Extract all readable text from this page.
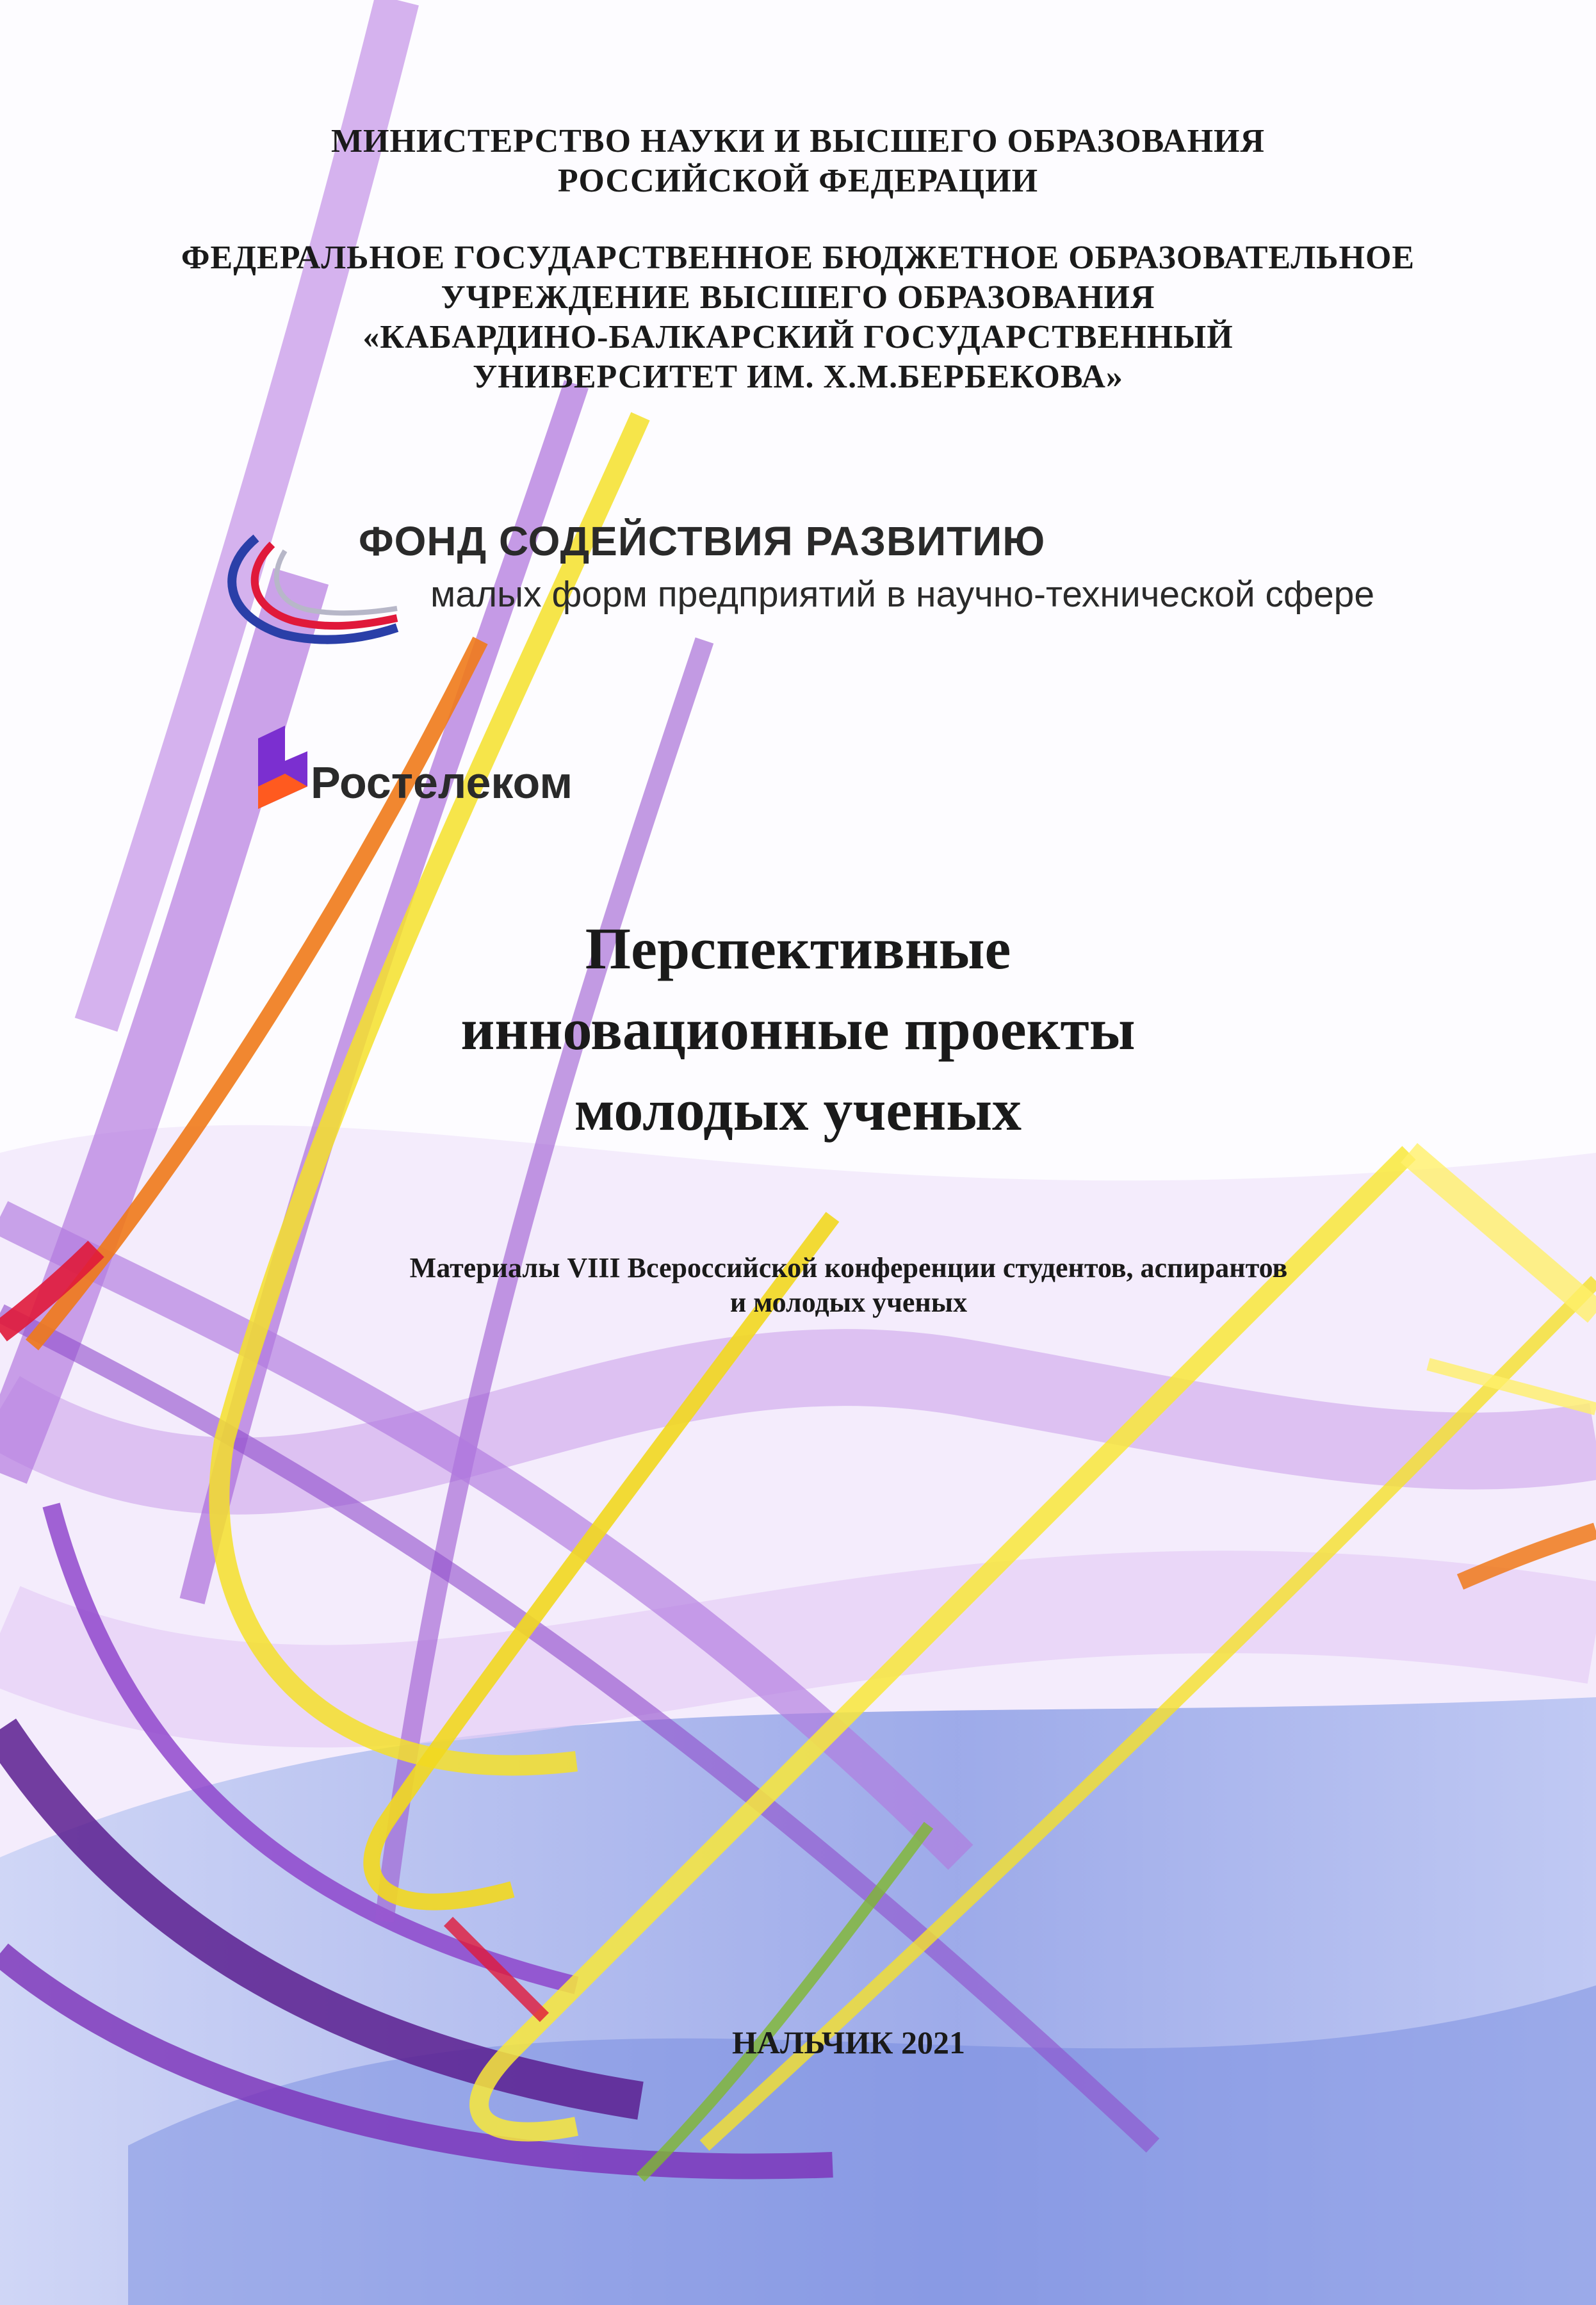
МИНИСТЕРСТВО НАУКИ И ВЫСШЕГО ОБРАЗОВАНИЯ
РОССИЙСКОЙ ФЕДЕРАЦИИ
ФЕДЕРАЛЬНОЕ ГОСУДАРСТВЕННОЕ БЮДЖЕТНОЕ ОБРАЗОВАТЕЛЬНОЕ
УЧРЕЖДЕНИЕ ВЫСШЕГО ОБРАЗОВАНИЯ
«КАБАРДИНО-БАЛКАРСКИЙ ГОСУДАРСТВЕННЫЙ
УНИВЕРСИТЕТ ИМ. Х.М.БЕРБЕКОВА»
ФОНД СОДЕЙСТВИЯ РАЗВИТИЮ
малых форм предприятий в научно-технической сфере
Ростелеком
Перспективные
инновационные проекты
молодых ученых
Материалы VIII Всероссийской конференции студентов, аспирантов
и молодых ученых
НАЛЬЧИК 2021
